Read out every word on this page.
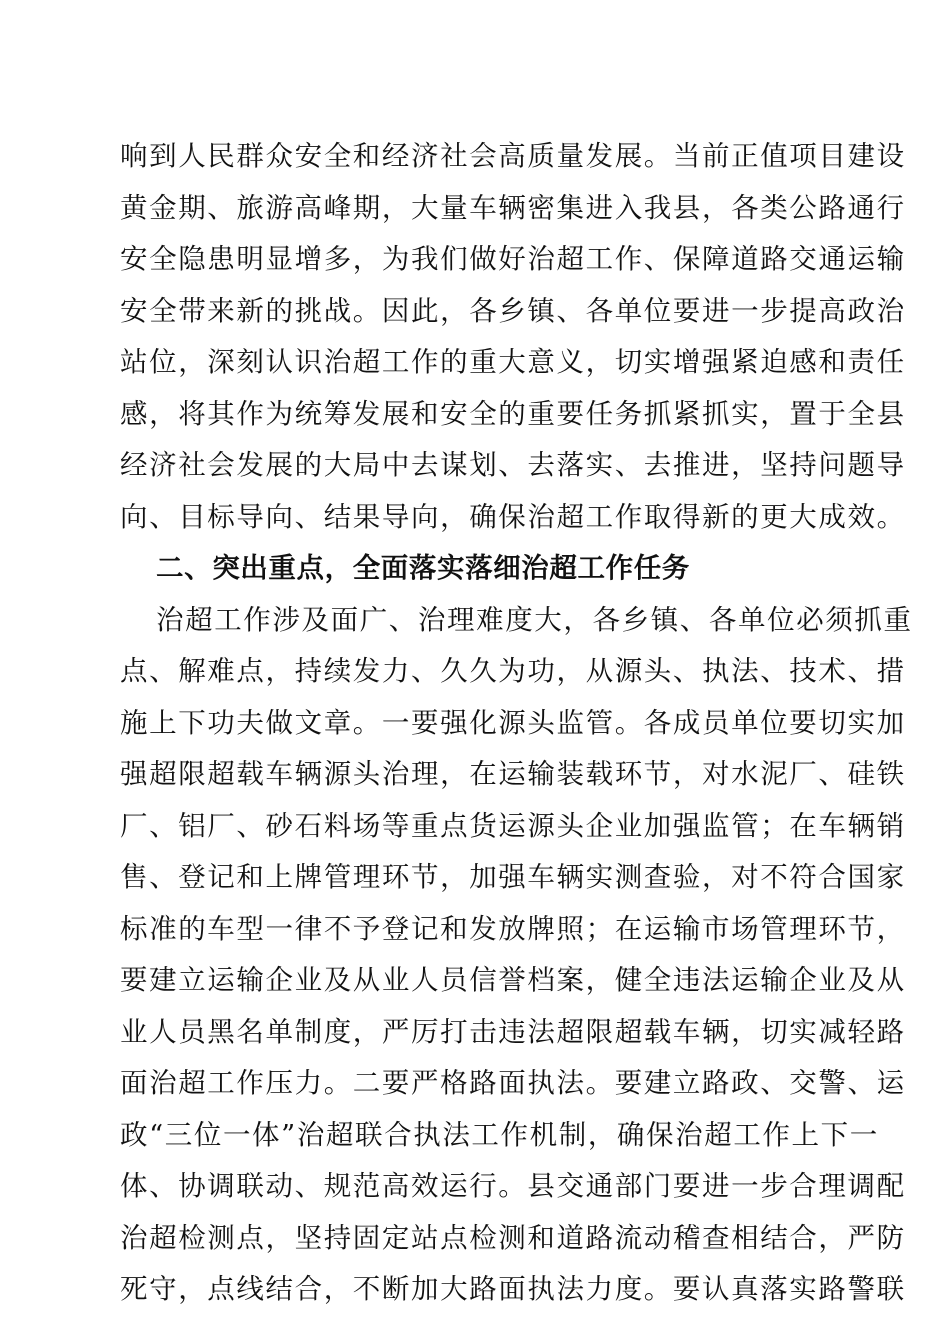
响到人民群众安全和经济社会高质量发展。当前正值项目建设
黄金期、旅游高峰期，大量车辆密集进入我县，各类公路通行
安全隐患明显增多，为我们做好治超工作、保障道路交通运输
安全带来新的挑战。因此，各乡镇、各单位要进一步提高政治
站位，深刻认识治超工作的重大意义，切实增强紧迫感和责任
感，将其作为统筹发展和安全的重要任务抓紧抓实，置于全县
经济社会发展的大局中去谋划、去落实、去推进，坚持问题导
向、目标导向、结果导向，确保治超工作取得新的更大成效。
二、突出重点，全面落实落细治超工作任务
治超工作涉及面广、治理难度大，各乡镇、各单位必须抓重
点、解难点，持续发力、久久为功，从源头、执法、技术、措
施上下功夫做文章。一要强化源头监管。各成员单位要切实加
强超限超载车辆源头治理，在运输装载环节，对水泥厂、硅铁
厂、铝厂、砂石料场等重点货运源头企业加强监管；在车辆销
售、登记和上牌管理环节，加强车辆实测查验，对不符合国家
标准的车型一律不予登记和发放牌照；在运输市场管理环节，
要建立运输企业及从业人员信誉档案，健全违法运输企业及从
业人员黑名单制度，严厉打击违法超限超载车辆，切实减轻路
面治超工作压力。二要严格路面执法。要建立路政、交警、运
政“三位一体”治超联合执法工作机制，确保治超工作上下一
体、协调联动、规范高效运行。县交通部门要进一步合理调配
治超检测点，坚持固定站点检测和道路流动稽查相结合，严防
死守，点线结合，不断加大路面执法力度。要认真落实路警联
